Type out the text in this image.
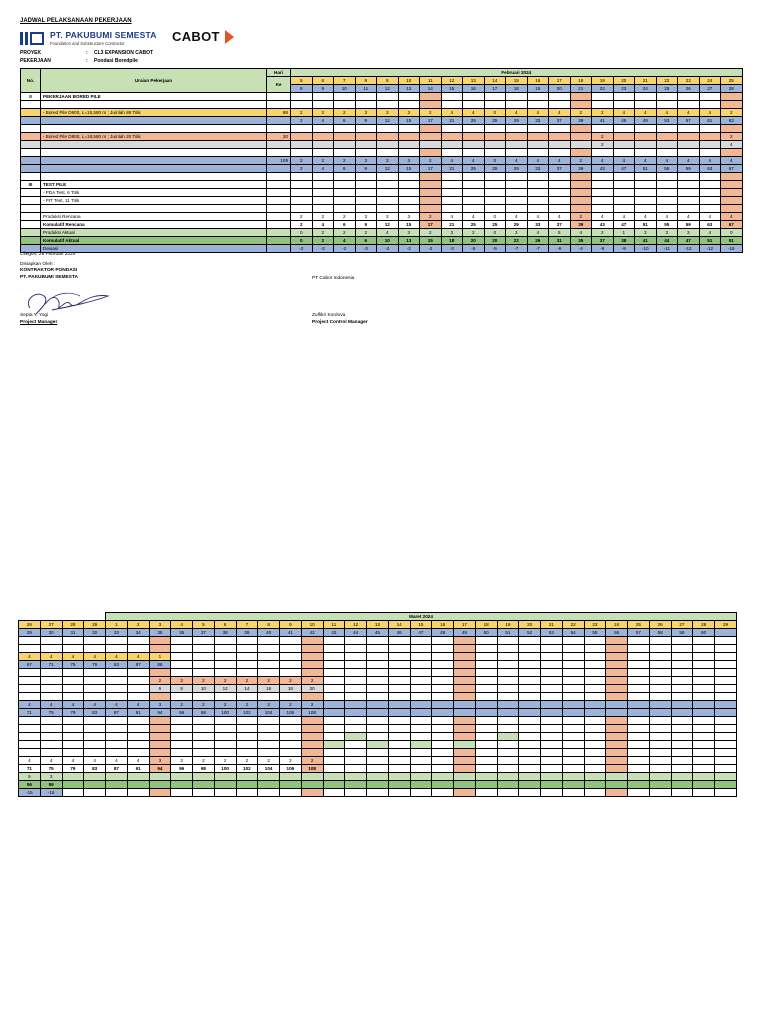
JADWAL PELAKSANAAN PEKERJAAN
PT. PAKUBUMI SEMESTA
Foundation and Substructure Contractor	CABOT
PROYEK	: CL3 EXPANSION CABOT
PEKERJAAN	: Pondasi Boredpile
No.	Uraian Pekerjaan	Hari	Februari 2024																				
		Ke	5	6	7	8	9	10	11	12	13	14	15	16	17	18	19	20	21	22	23	24	25
			8	9	10	11	12	13	14	15	16	17	18	19	20	21	22	23	24	25	26	27	28
II	PEKERJAAN BORED PILE																						

	- Bored Pile D600, L=15,580 m ; Jumlah 88 Titik	88	2	2	2	3	3	3	2	4	4	0	4	4	4	2	2	4	4	4	4	4	2
			2	4	6	9	12	15	17	21	25	25	29	33	37	39	41	45	49	53	57	61	63

	- Bored Pile D800, L=18,580 m ; Jumlah 20 Titik	20															2						2
																	2						4

		108	2	2	2	3	3	3	2	4	4	0	4	4	4	2	4	4	4	4	4	4	4
			2	4	6	9	12	15	17	21	25	25	29	33	37	39	43	47	51	55	59	63	67

III	TEST PILE																						
	- PDA Test, 6 Titik																						
	- PIT Test, 11 Titik																						

	Produksi Rencana		2	2	2	3	3	3	2	4	4	0	4	4	4	2	4	4	4	4	4	4	4
	Komulatif Rencana		2	4	6	9	12	15	17	21	25	25	29	33	37	39	43	47	51	55	59	63	67
	Produksi Aktual		0	2	2	2	4	3	2	3	2	0	2	4	5	4	2	1	3	3	3	4	0
	Komulatif Aktual		0	2	4	6	10	13	15	18	20	20	22	26	31	35	37	38	41	44	47	51	51
	Deviasi		-2	-2	-2	-3	-2	-2	-2	-3	-5	-5	-7	-7	-6	-4	-6	-9	-10	-11	-12	-12	-16
Cilegon, 25 Februari 2024
Disiapkan Oleh :
KONTRAKTOR PONDASI
PT. PAKUBUMI SEMESTA	PT Cabot Indonesia
Septa Y. Yogi
Project Manager
Zulfikri Kordova
Project Control Manager
				Maret 2024																												
26	27	28	29	1	2	3	4	5	6	7	8	9	10	11	12	13	14	15	16	17	18	19	20	21	22	23	24	25	26	27	28	29
29	30	31	32	33	34	35	36	37	38	39	40	41	42	43	44	45	46	47	48	49	50	51	52	53	54	55	56	57	58	59	60	

4	4	4	4	4	4	1																										
67	71	75	79	83	87	88																										

						2	2	2	2	2	2	2	2																			
						6	8	10	12	14	16	18	20																			

4	4	4	4	4	4	3	2	2	2	2	2	2	2																			
71	75	79	83	87	91	94	96	98	100	102	104	106	108																			

4	4	4	4	4	4	3	2	2	2	2	2	2	2																			
71	75	79	83	87	91	94	96	98	100	102	104	106	108																			
5	3																															
56	59																															
-15	-16																															
